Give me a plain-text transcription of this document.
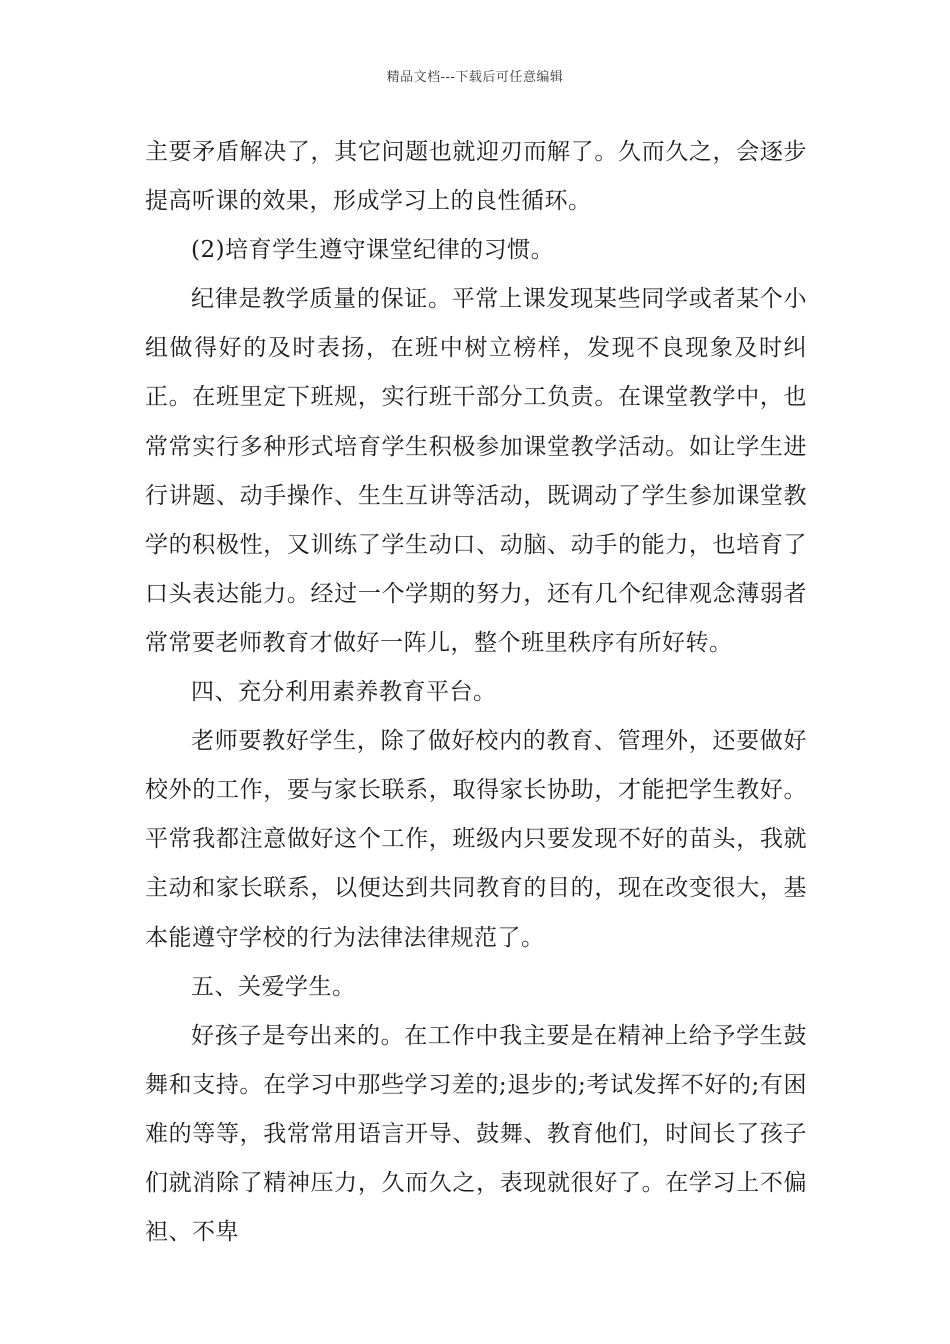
精品文档---下载后可任意编辑

主要矛盾解决了，其它问题也就迎刃而解了。久而久之，会逐步提高听课的效果，形成学习上的良性循环。

(2)培育学生遵守课堂纪律的习惯。

纪律是教学质量的保证。平常上课发现某些同学或者某个小组做得好的及时表扬，在班中树立榜样，发现不良现象及时纠正。在班里定下班规，实行班干部分工负责。在课堂教学中，也常常实行多种形式培育学生积极参加课堂教学活动。如让学生进行讲题、动手操作、生生互讲等活动，既调动了学生参加课堂教学的积极性，又训练了学生动口、动脑、动手的能力，也培育了口头表达能力。经过一个学期的努力，还有几个纪律观念薄弱者常常要老师教育才做好一阵儿，整个班里秩序有所好转。

四、充分利用素养教育平台。

老师要教好学生，除了做好校内的教育、管理外，还要做好校外的工作，要与家长联系，取得家长协助，才能把学生教好。平常我都注意做好这个工作，班级内只要发现不好的苗头，我就主动和家长联系，以便达到共同教育的目的，现在改变很大，基本能遵守学校的行为法律法律规范了。

五、关爱学生。

好孩子是夸出来的。在工作中我主要是在精神上给予学生鼓舞和支持。在学习中那些学习差的;退步的;考试发挥不好的;有困难的等等，我常常用语言开导、鼓舞、教育他们，时间长了孩子们就消除了精神压力，久而久之，表现就很好了。在学习上不偏袒、不卑
